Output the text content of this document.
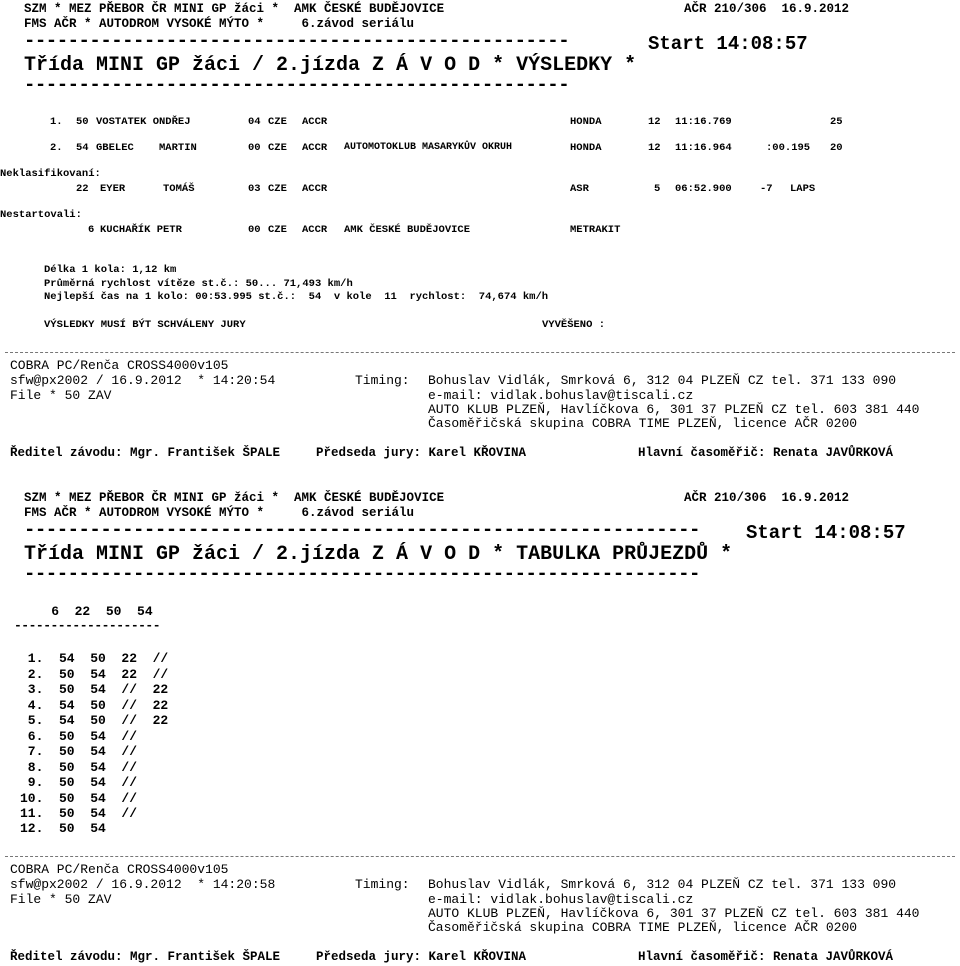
SZM * MEZ PŘEBOR ČR MINI GP žáci *  AMK ČESKÉ BUDĚJOVICE	AČR 210/306  16.9.2012
FMS AČR * AUTODROM VYSOKÉ MÝTO *     6.závod seriálu
--------------------------------------------------	Start 14:08:57
Třída MINI GP žáci / 2.jízda Z Á V O D * VÝSLEDKY *
--------------------------------------------------
1. 50 VOSTATEK ONDŘEJ	04 CZE ACCR	HONDA	12 11:16.769	25
2. 54 GBELEC    MARTIN	00 CZE ACCR AUTOMOTOKLUB MASARYKŮV OKRUH	HONDA	12 11:16.964	:00.195 20
Neklasifikovaní:
22 EYER      TOMÁŠ	03 CZE ACCR	ASR	5 06:52.900	-7 LAPS
Nestartovali:
6 KUCHAŘÍK PETR	00 CZE ACCR AMK ČESKÉ BUDĚJOVICE	METRAKIT
Délka 1 kola: 1,12 km
Průměrná rychlost vítěze st.č.: 50... 71,493 km/h
Nejlepší čas na 1 kolo: 00:53.995 st.č.:  54  v kole  11  rychlost:  74,674 km/h
VÝSLEDKY MUSÍ BÝT SCHVÁLENY JURY	VYVĚŠENO :
COBRA PC/Renča CROSS4000v105
sfw@px2002 / 16.9.2012  * 14:20:54
File * 50 ZAV
Timing: Bohuslav Vidlák, Smrková 6, 312 04 PLZEŇ CZ tel. 371 133 090
e-mail: vidlak.bohuslav@tiscali.cz
AUTO KLUB PLZEŇ, Havlíčkova 6, 301 37 PLZEŇ CZ tel. 603 381 440
Časoměřičská skupina COBRA TIME PLZEŇ, licence AČR 0200
Ředitel závodu: Mgr. František ŠPALE	Předseda jury: Karel KŘOVINA	Hlavní časoměřič: Renata JAVŮRKOVÁ
SZM * MEZ PŘEBOR ČR MINI GP žáci *  AMK ČESKÉ BUDĚJOVICE	AČR 210/306  16.9.2012
FMS AČR * AUTODROM VYSOKÉ MÝTO *     6.závod seriálu
-------------------------------------------------------------- Start 14:08:57
Třída MINI GP žáci / 2.jízda Z Á V O D * TABULKA PRŮJEZDŮ *
--------------------------------------------------------------
6  22  50  54
--------------------
1.  54  50  22  //
2.  50  54  22  //
3.  50  54  //  22
4.  54  50  //  22
5.  54  50  //  22
6.  50  54  //
7.  50  54  //
8.  50  54  //
9.  50  54  //
10.  50  54  //
11.  50  54  //
12.  50  54
COBRA PC/Renča CROSS4000v105
sfw@px2002 / 16.9.2012  * 14:20:58
File * 50 ZAV
Timing: Bohuslav Vidlák, Smrková 6, 312 04 PLZEŇ CZ tel. 371 133 090
e-mail: vidlak.bohuslav@tiscali.cz
AUTO KLUB PLZEŇ, Havlíčkova 6, 301 37 PLZEŇ CZ tel. 603 381 440
Časoměřičská skupina COBRA TIME PLZEŇ, licence AČR 0200
Ředitel závodu: Mgr. František ŠPALE	Předseda jury: Karel KŘOVINA	Hlavní časoměřič: Renata JAVŮRKOVÁ
